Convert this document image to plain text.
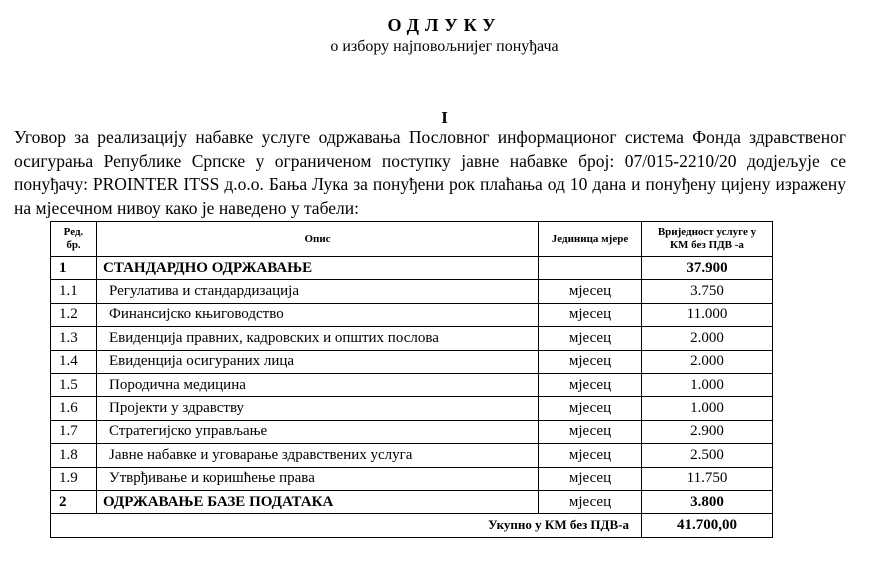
ОДЛУКУ
о избору најповољнијег понуђача
I
Уговор за реализацију набавке услуге одржавања Пословног информационог система Фонда здравственог осигурања Републике Српске у ограниченом поступку јавне набавке број: 07/015-2210/20 додјељује се понуђачу: PROINTER ITSS д.о.о. Бања Лука за понуђени рок плаћања од 10 дана и понуђену цијену изражену на мјесечном нивоу како је наведено у табели:
Ред. бр.	Опис	Јединица мјере	Вриједност услуге у КМ без ПДВ -а
1	СТАНДАРДНО ОДРЖАВАЊЕ		37.900
1.1	Регулатива и стандардизација	мјесец	3.750
1.2	Финансијско књиговодство	мјесец	11.000
1.3	Евиденција правних, кадровских и општих послова	мјесец	2.000
1.4	Евиденција осигураних лица	мјесец	2.000
1.5	Породична медицина	мјесец	1.000
1.6	Пројекти у здравству	мјесец	1.000
1.7	Стратегијско управљање	мјесец	2.900
1.8	Јавне набавке и уговарање здравствених услуга	мјесец	2.500
1.9	Утврђивање и коришћење права	мјесец	11.750
2	ОДРЖАВАЊЕ БАЗЕ ПОДАТАКА	мјесец	3.800
Укупно у КМ без ПДВ-а			41.700,00
